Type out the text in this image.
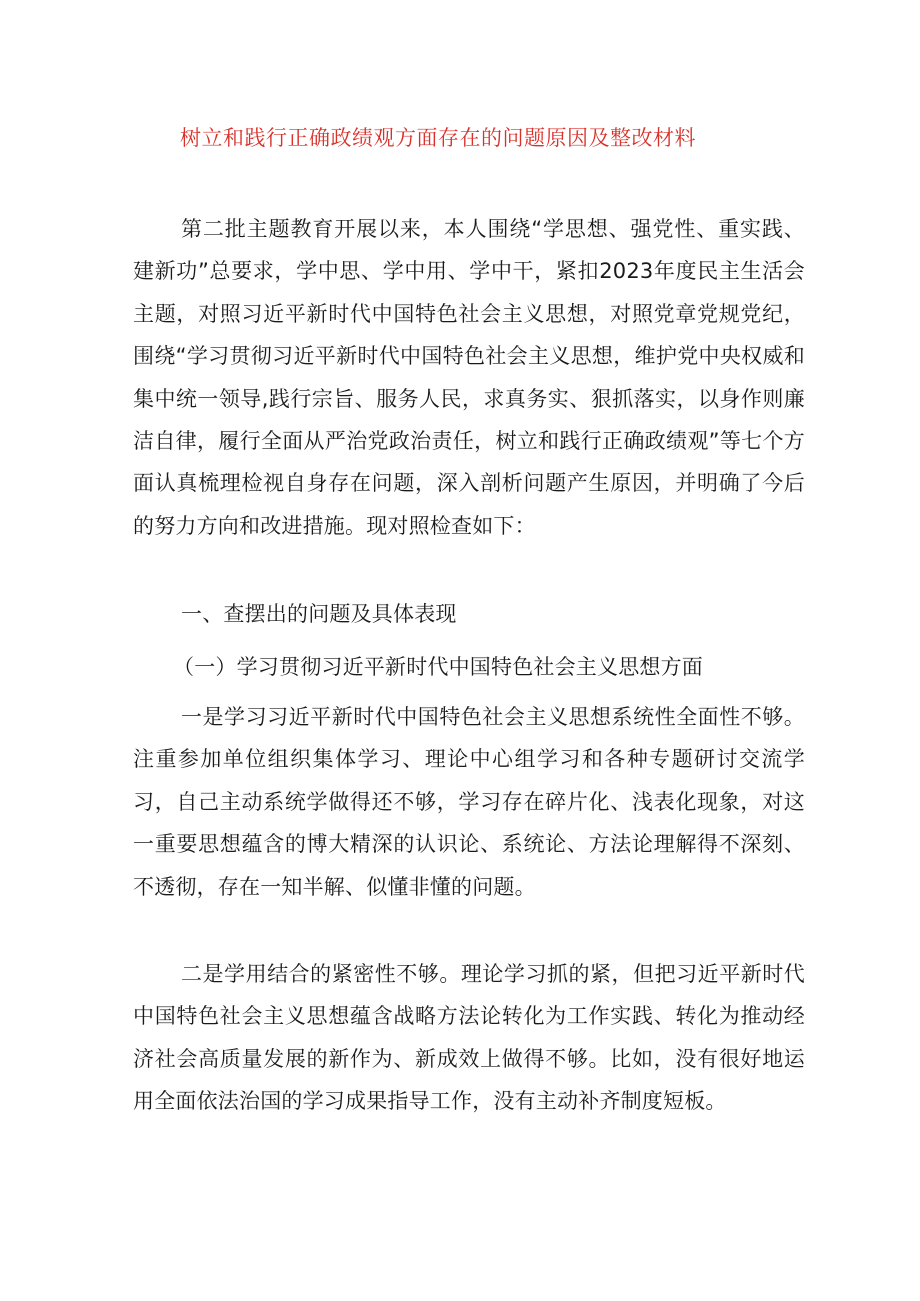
树立和践行正确政绩观方面存在的问题原因及整改材料

第二批主题教育开展以来，本人围绕“学思想、强党性、重实践、建新功”总要求，学中思、学中用、学中干，紧扣2023年度民主生活会主题，对照习近平新时代中国特色社会主义思想，对照党章党规党纪，围绕“学习贯彻习近平新时代中国特色社会主义思想，维护党中央权威和集中统一领导,践行宗旨、服务人民，求真务实、狠抓落实，以身作则廉洁自律，履行全面从严治党政治责任，树立和践行正确政绩观”等七个方面认真梳理检视自身存在问题，深入剖析问题产生原因，并明确了今后的努力方向和改进措施。现对照检查如下：

一、查摆出的问题及具体表现

（一）学习贯彻习近平新时代中国特色社会主义思想方面

一是学习习近平新时代中国特色社会主义思想系统性全面性不够。注重参加单位组织集体学习、理论中心组学习和各种专题研讨交流学习，自己主动系统学做得还不够，学习存在碎片化、浅表化现象，对这一重要思想蕴含的博大精深的认识论、系统论、方法论理解得不深刻、不透彻，存在一知半解、似懂非懂的问题。

二是学用结合的紧密性不够。理论学习抓的紧，但把习近平新时代中国特色社会主义思想蕴含战略方法论转化为工作实践、转化为推动经济社会高质量发展的新作为、新成效上做得不够。比如，没有很好地运用全面依法治国的学习成果指导工作，没有主动补齐制度短板。
